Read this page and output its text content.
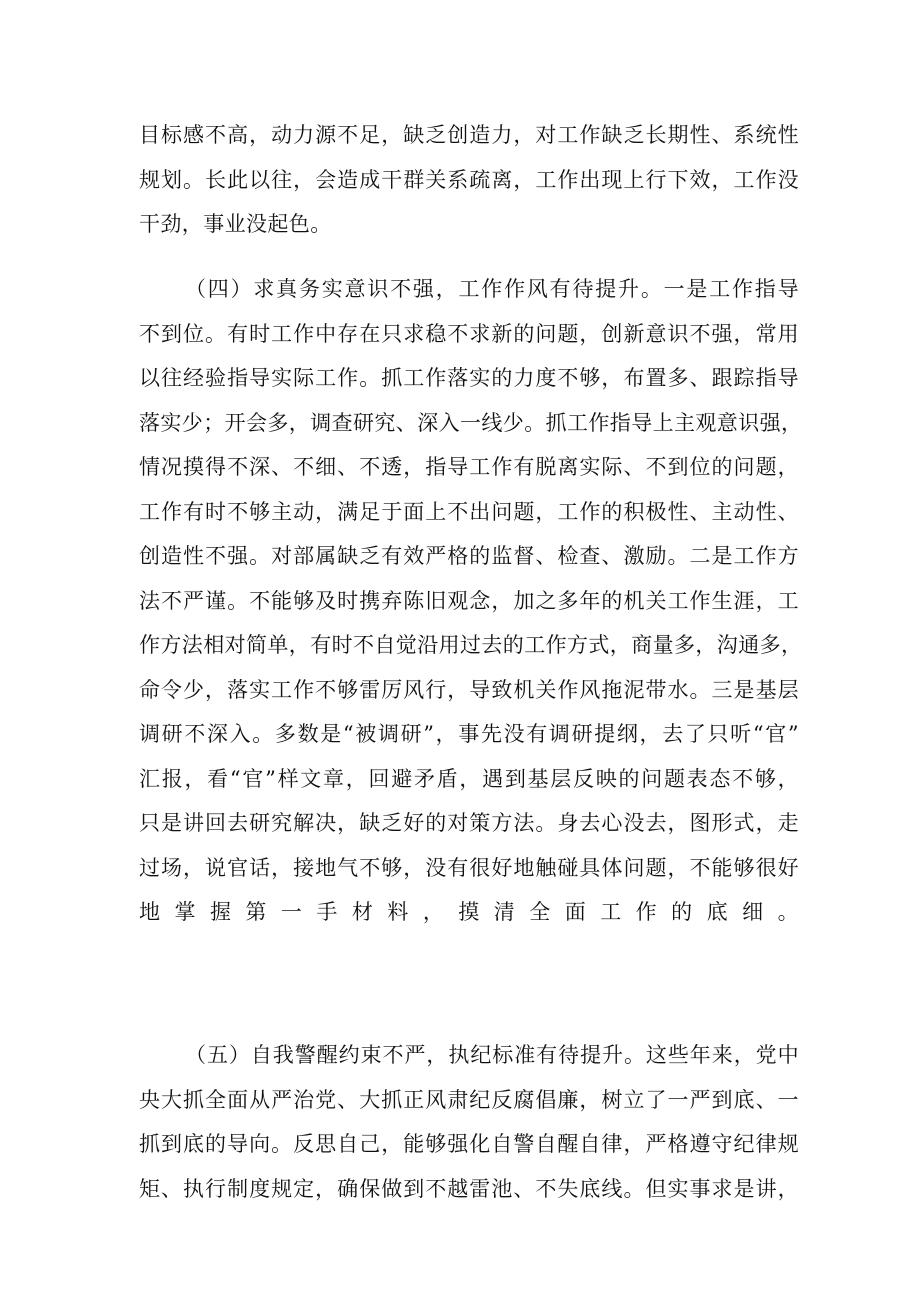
目标感不高，动力源不足，缺乏创造力，对工作缺乏长期性、系统性
规划。长此以往，会造成干群关系疏离，工作出现上行下效，工作没
干劲，事业没起色。
（四）求真务实意识不强，工作作风有待提升。一是工作指导
不到位。有时工作中存在只求稳不求新的问题，创新意识不强，常用
以往经验指导实际工作。抓工作落实的力度不够，布置多、跟踪指导
落实少；开会多，调查研究、深入一线少。抓工作指导上主观意识强，
情况摸得不深、不细、不透，指导工作有脱离实际、不到位的问题，
工作有时不够主动，满足于面上不出问题，工作的积极性、主动性、
创造性不强。对部属缺乏有效严格的监督、检查、激励。二是工作方
法不严谨。不能够及时携弃陈旧观念，加之多年的机关工作生涯，工
作方法相对简单，有时不自觉沿用过去的工作方式，商量多，沟通多，
命令少，落实工作不够雷厉风行，导致机关作风拖泥带水。三是基层
调研不深入。多数是“被调研”，事先没有调研提纲，去了只听“官”
汇报，看“官”样文章，回避矛盾，遇到基层反映的问题表态不够，
只是讲回去研究解决，缺乏好的对策方法。身去心没去，图形式，走
过场，说官话，接地气不够，没有很好地触碰具体问题，不能够很好
地掌握第一手材料，摸清全面工作的底细。
（五）自我警醒约束不严，执纪标准有待提升。这些年来，党中
央大抓全面从严治党、大抓正风肃纪反腐倡廉，树立了一严到底、一
抓到底的导向。反思自己，能够强化自警自醒自律，严格遵守纪律规
矩、执行制度规定，确保做到不越雷池、不失底线。但实事求是讲，
